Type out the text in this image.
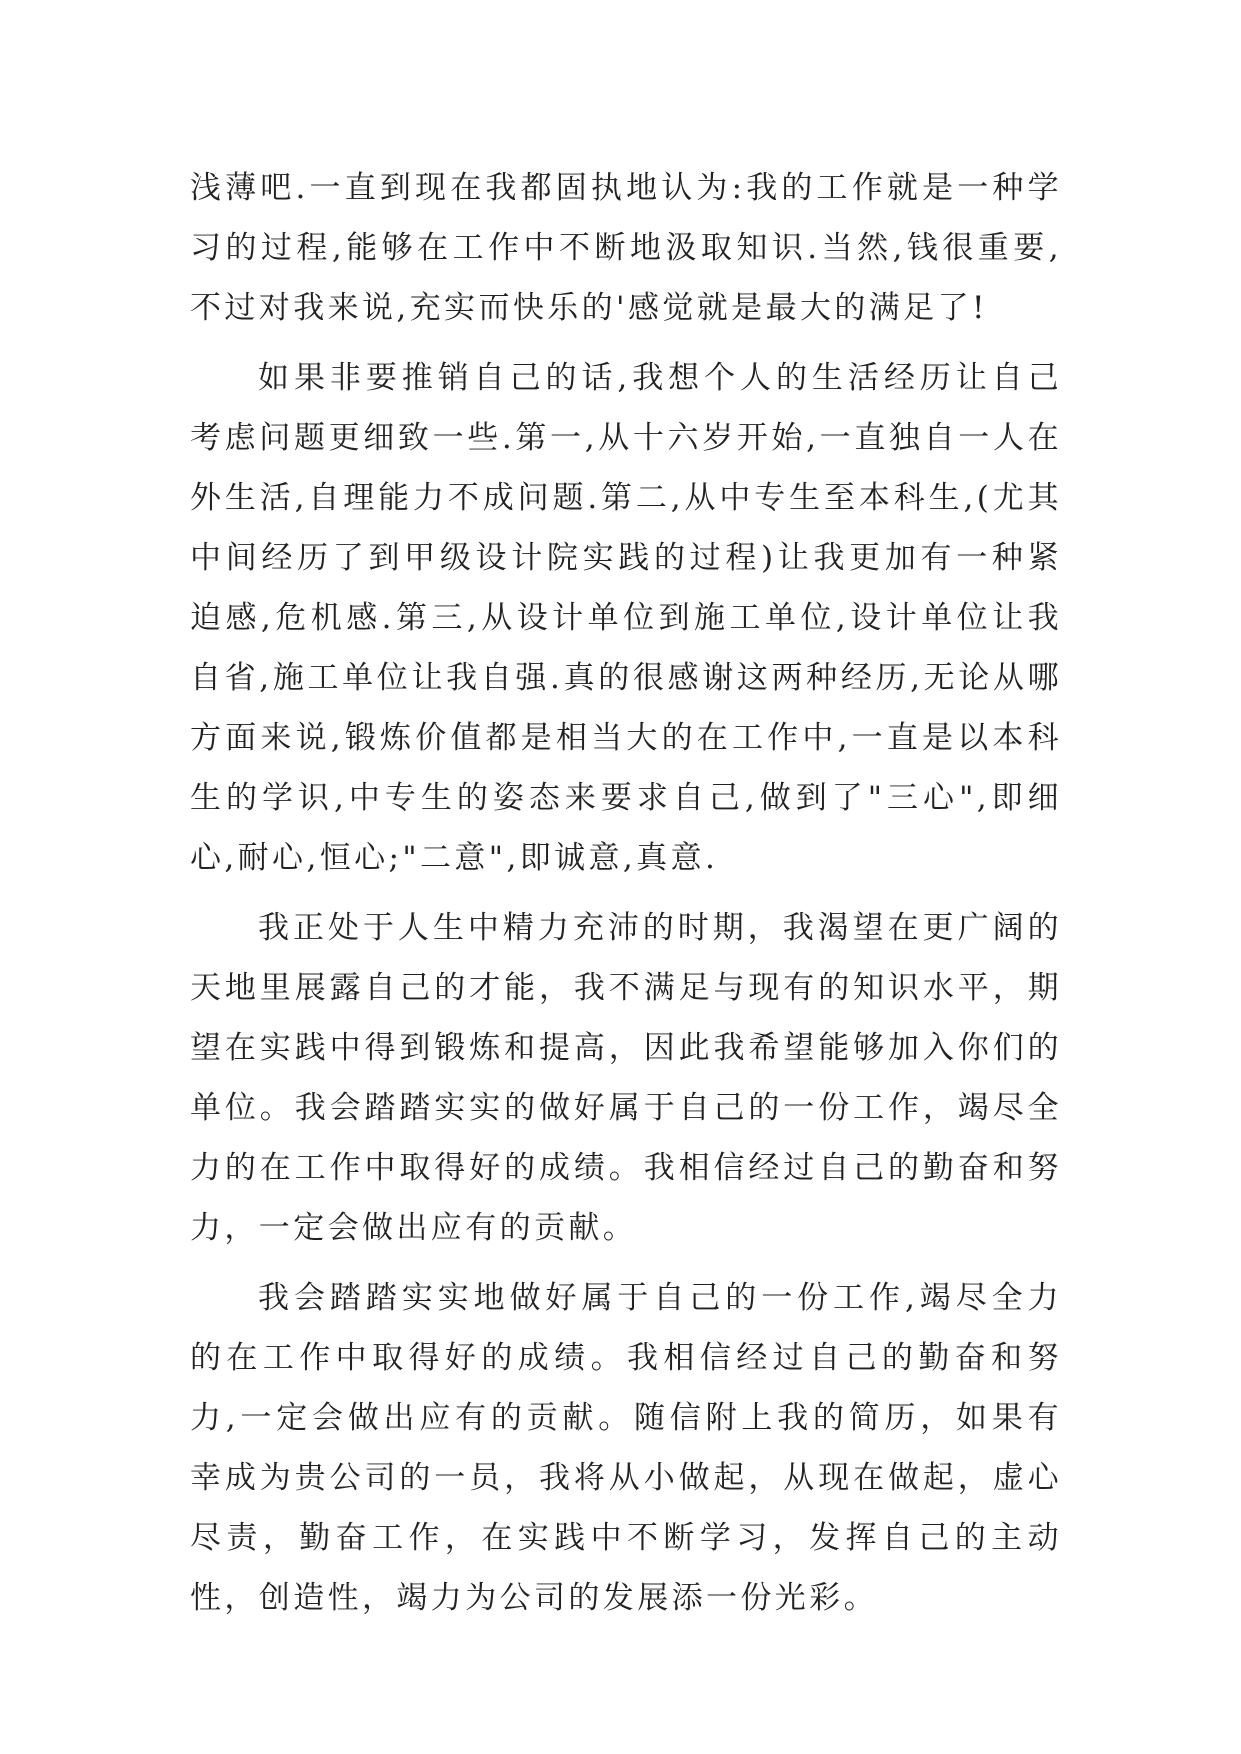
浅薄吧.一直到现在我都固执地认为:我的工作就是一种学习的过程,能够在工作中不断地汲取知识.当然,钱很重要,不过对我来说,充实而快乐的'感觉就是最大的满足了!

如果非要推销自己的话,我想个人的生活经历让自己考虑问题更细致一些.第一,从十六岁开始,一直独自一人在外生活,自理能力不成问题.第二,从中专生至本科生,(尤其中间经历了到甲级设计院实践的过程)让我更加有一种紧迫感,危机感.第三,从设计单位到施工单位,设计单位让我自省,施工单位让我自强.真的很感谢这两种经历,无论从哪方面来说,锻炼价值都是相当大的在工作中,一直是以本科生的学识,中专生的姿态来要求自己,做到了"三心",即细心,耐心,恒心;"二意",即诚意,真意.

我正处于人生中精力充沛的时期，我渴望在更广阔的天地里展露自己的才能，我不满足与现有的知识水平，期望在实践中得到锻炼和提高，因此我希望能够加入你们的单位。我会踏踏实实的做好属于自己的一份工作，竭尽全力的在工作中取得好的成绩。我相信经过自己的勤奋和努力，一定会做出应有的贡献。

我会踏踏实实地做好属于自己的一份工作,竭尽全力的在工作中取得好的成绩。我相信经过自己的勤奋和努力,一定会做出应有的贡献。随信附上我的简历，如果有幸成为贵公司的一员，我将从小做起，从现在做起，虚心尽责，勤奋工作，在实践中不断学习，发挥自己的主动性，创造性，竭力为公司的发展添一份光彩。
